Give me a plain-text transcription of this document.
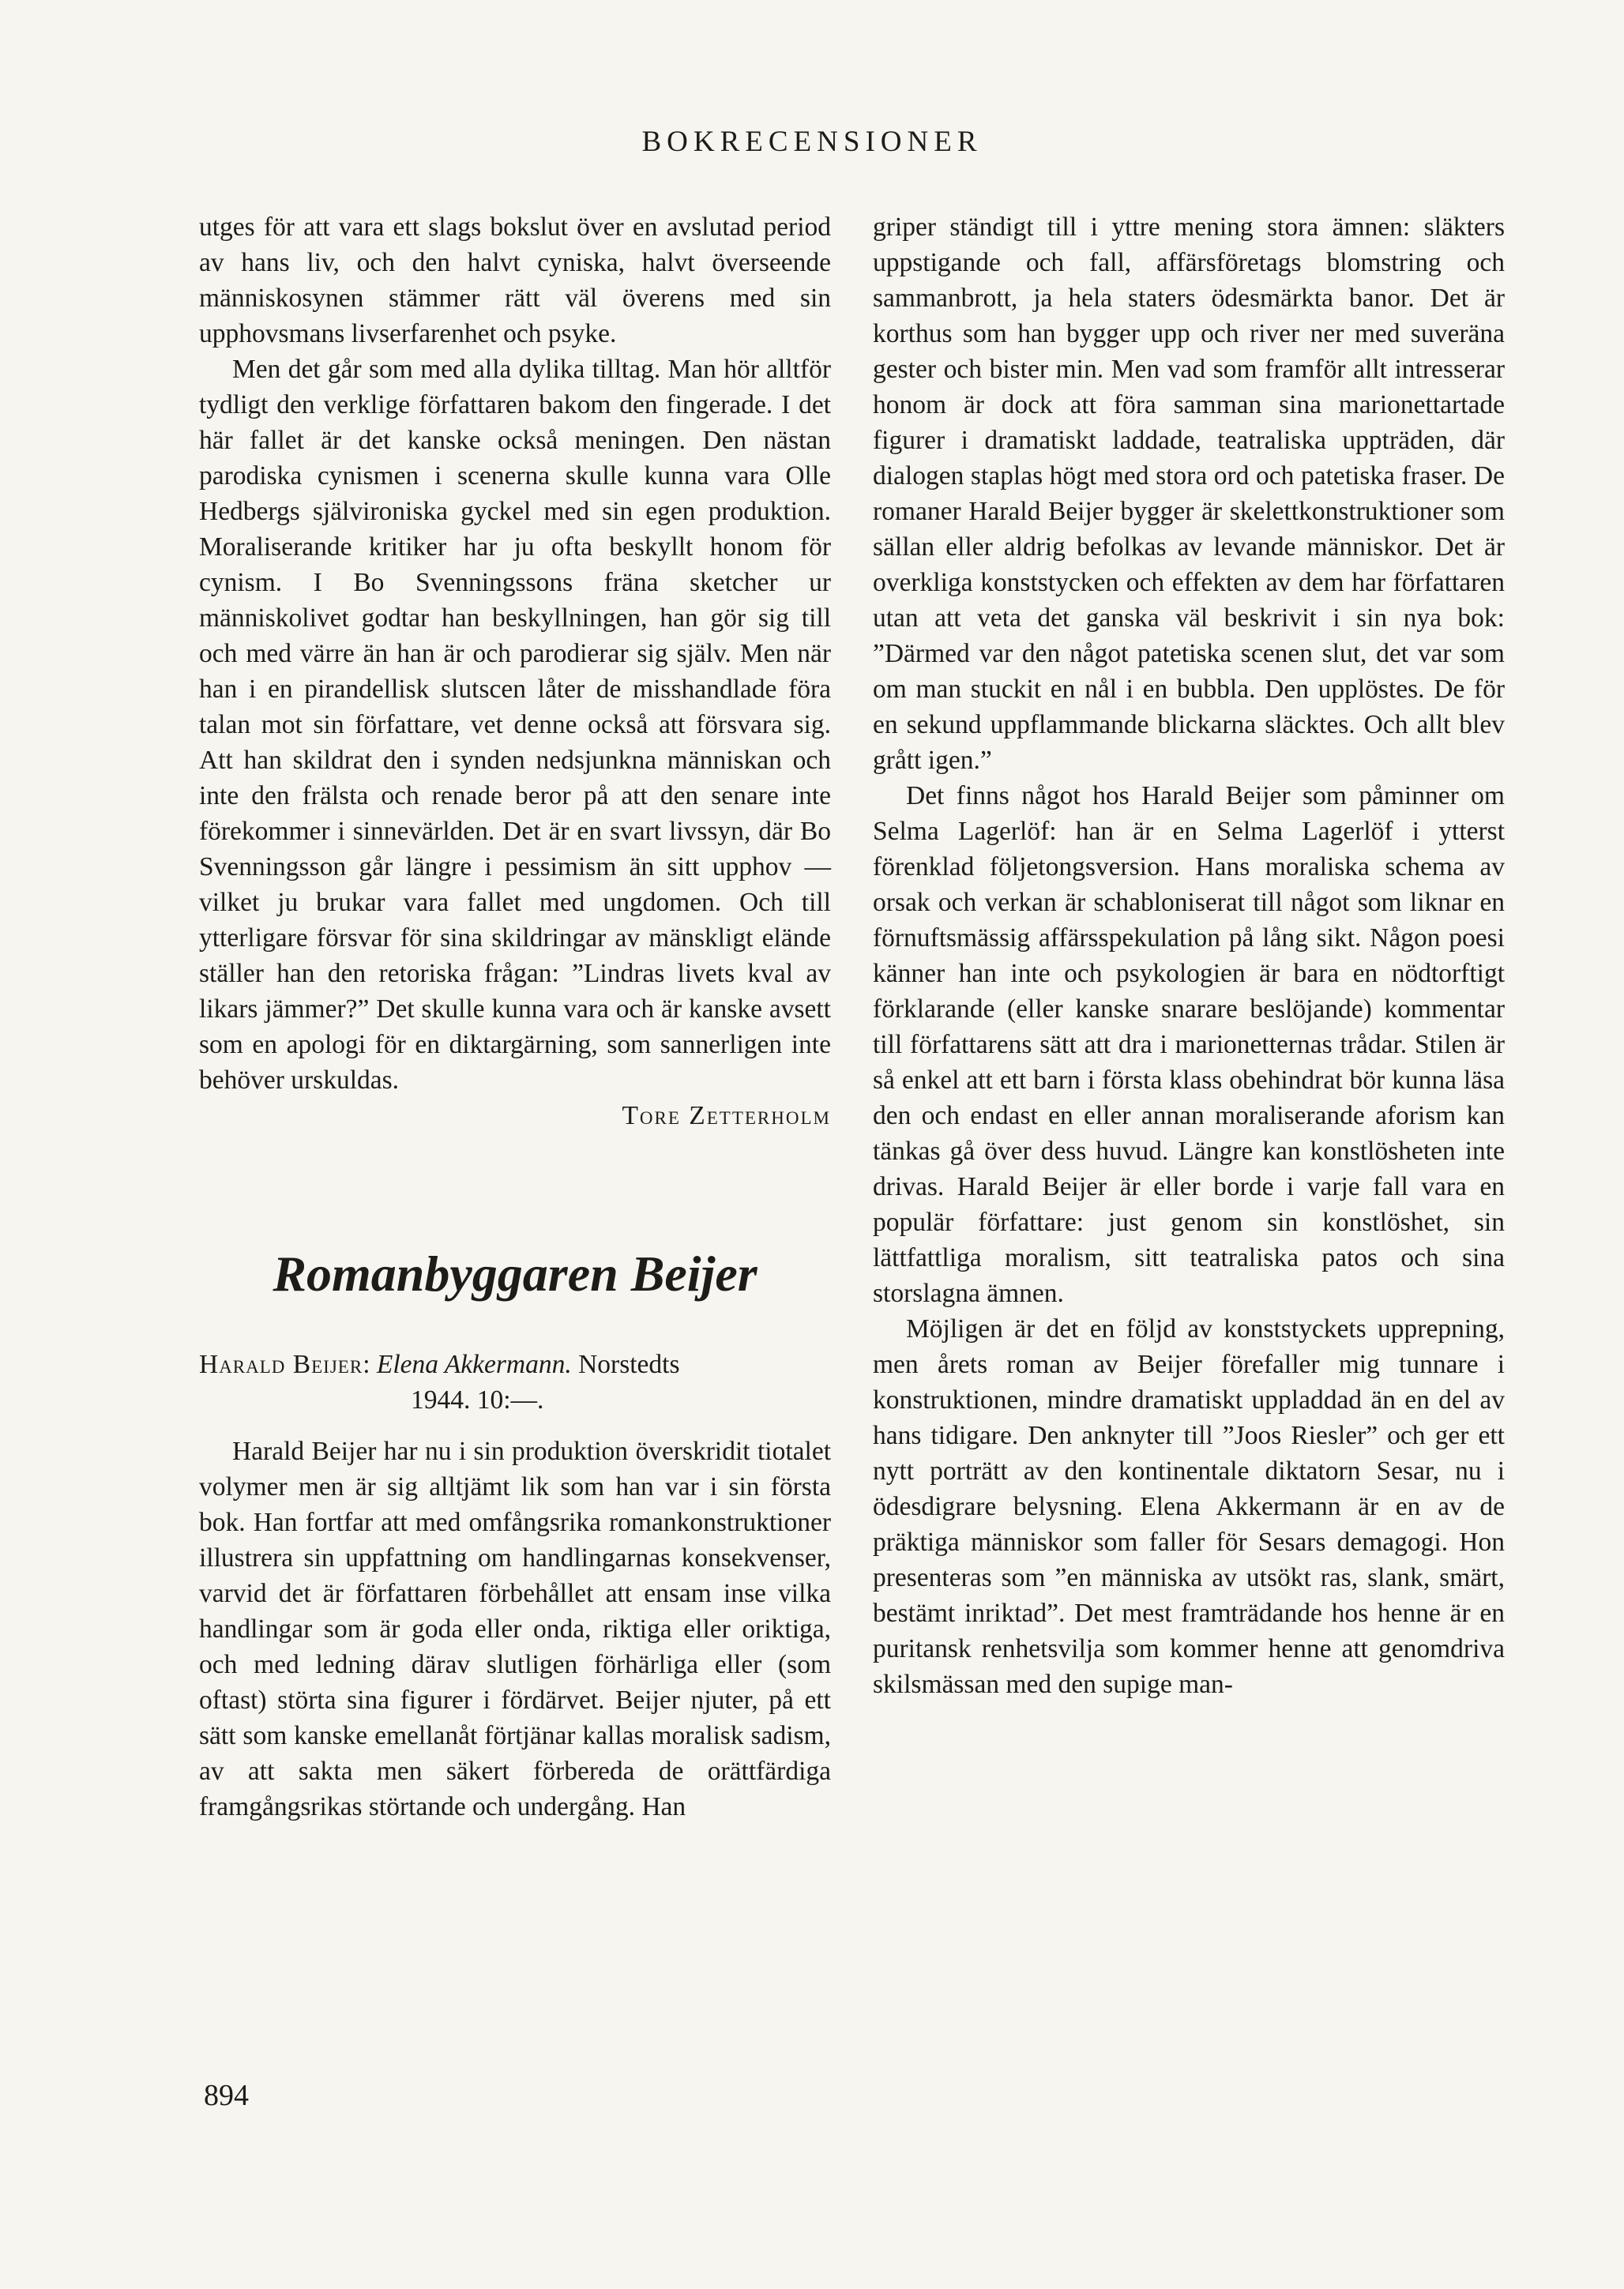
BOKRECENSIONER

utges för att vara ett slags bokslut över en avslutad period av hans liv, och den halvt cyniska, halvt överseende människosynen stämmer rätt väl överens med sin upphovsmans livserfarenhet och psyke.

Men det går som med alla dylika tilltag. Man hör alltför tydligt den verklige författaren bakom den fingerade. I det här fallet är det kanske också meningen. Den nästan parodiska cynismen i scenerna skulle kunna vara Olle Hedbergs självironiska gyckel med sin egen produktion. Moraliserande kritiker har ju ofta beskyllt honom för cynism. I Bo Svenningssons fräna sketcher ur människolivet godtar han beskyllningen, han gör sig till och med värre än han är och parodierar sig själv. Men när han i en pirandellisk slutscen låter de misshandlade föra talan mot sin författare, vet denne också att försvara sig. Att han skildrat den i synden nedsjunkna människan och inte den frälsta och renade beror på att den senare inte förekommer i sinnevärlden. Det är en svart livssyn, där Bo Svenningsson går längre i pessimism än sitt upphov — vilket ju brukar vara fallet med ungdomen. Och till ytterligare försvar för sina skildringar av mänskligt elände ställer han den retoriska frågan: ”Lindras livets kval av likars jämmer?” Det skulle kunna vara och är kanske avsett som en apologi för en diktargärning, som sannerligen inte behöver urskuldas.

Tore Zetterholm

Romanbyggaren Beijer

Harald Beijer: Elena Akkermann. Norstedts
1944. 10:—.

Harald Beijer har nu i sin produktion överskridit tiotalet volymer men är sig alltjämt lik som han var i sin första bok. Han fortfar att med omfångsrika romankonstruktioner illustrera sin uppfattning om handlingarnas konsekvenser, varvid det är författaren förbehållet att ensam inse vilka handlingar som är goda eller onda, riktiga eller oriktiga, och med ledning därav slutligen förhärliga eller (som oftast) störta sina figurer i fördärvet. Beijer njuter, på ett sätt som kanske emellanåt förtjänar kallas moralisk sadism, av att sakta men säkert förbereda de orättfärdiga framgångsrikas störtande och undergång. Han

griper ständigt till i yttre mening stora ämnen: släkters uppstigande och fall, affärsföretags blomstring och sammanbrott, ja hela staters ödesmärkta banor. Det är korthus som han bygger upp och river ner med suveräna gester och bister min. Men vad som framför allt intresserar honom är dock att föra samman sina marionettartade figurer i dramatiskt laddade, teatraliska uppträden, där dialogen staplas högt med stora ord och patetiska fraser. De romaner Harald Beijer bygger är skelettkonstruktioner som sällan eller aldrig befolkas av levande människor. Det är overkliga konststycken och effekten av dem har författaren utan att veta det ganska väl beskrivit i sin nya bok: ”Därmed var den något patetiska scenen slut, det var som om man stuckit en nål i en bubbla. Den upplöstes. De för en sekund uppflammande blickarna släcktes. Och allt blev grått igen.”

Det finns något hos Harald Beijer som påminner om Selma Lagerlöf: han är en Selma Lagerlöf i ytterst förenklad följetongsversion. Hans moraliska schema av orsak och verkan är schabloniserat till något som liknar en förnuftsmässig affärsspekulation på lång sikt. Någon poesi känner han inte och psykologien är bara en nödtorftigt förklarande (eller kanske snarare beslöjande) kommentar till författarens sätt att dra i marionetternas trådar. Stilen är så enkel att ett barn i första klass obehindrat bör kunna läsa den och endast en eller annan moraliserande aforism kan tänkas gå över dess huvud. Längre kan konstlösheten inte drivas. Harald Beijer är eller borde i varje fall vara en populär författare: just genom sin konstlöshet, sin lättfattliga moralism, sitt teatraliska patos och sina storslagna ämnen.

Möjligen är det en följd av konststyckets upprepning, men årets roman av Beijer förefaller mig tunnare i konstruktionen, mindre dramatiskt uppladdad än en del av hans tidigare. Den anknyter till ”Joos Riesler” och ger ett nytt porträtt av den kontinentale diktatorn Sesar, nu i ödesdigrare belysning. Elena Akkermann är en av de präktiga människor som faller för Sesars demagogi. Hon presenteras som ”en människa av utsökt ras, slank, smärt, bestämt inriktad”. Det mest framträdande hos henne är en puritansk renhetsvilja som kommer henne att genomdriva skilsmässan med den supige man-

894
